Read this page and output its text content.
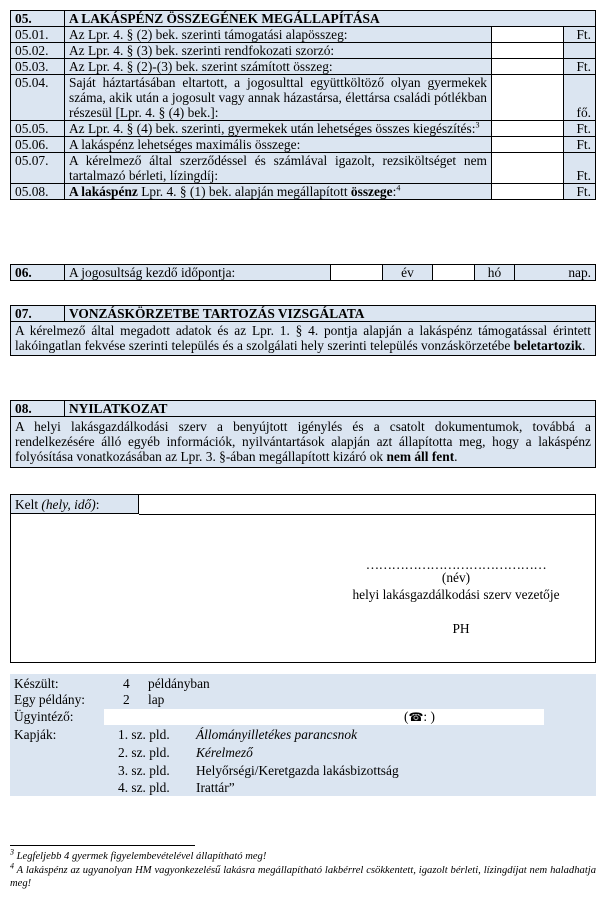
05.	A LAKÁSPÉNZ ÖSSZEGÉNEK MEGÁLLAPÍTÁSA		
05.01.	Az Lpr. 4. § (2) bek. szerinti támogatási alapösszeg:		Ft.
05.02.	Az Lpr. 4. § (3) bek. szerinti rendfokozati szorzó:		
05.03.	Az Lpr. 4. § (2)-(3) bek. szerint számított összeg:		Ft.
05.04.	Saját háztartásában eltartott, a jogosulttal együttköltöző olyan gyermekek száma, akik után a jogosult vagy annak házastársa, élettársa családi pótlékban részesül [Lpr. 4. § (4) bek.]:		fő.
05.05.	Az Lpr. 4. § (4) bek. szerinti, gyermekek után lehetséges összes kiegészítés:$^3$		Ft.
05.06.	A lakáspénz lehetséges maximális összege:		Ft.
05.07.	A kérelmező által szerződéssel és számlával igazolt, rezsiköltséget nem tartalmazó bérleti, lízingdíj:		Ft.
05.08.	A lakáspénz Lpr. 4. § (1) bek. alapján megállapított összege:$^4$		Ft.
06.	A jogosultság kezdő időpontja:		év		hó	nap.
07.	VONZÁSKÖRZETBE TARTOZÁS VIZSGÁLATA
A kérelmező által megadott adatok és az Lpr. 1. § 4. pontja alapján a lakáspénz támogatással érintett lakóingatlan fekvése szerinti település és a szolgálati hely szerinti település vonzáskörzetébe beletartozik.
08.	NYILATKOZAT
A helyi lakásgazdálkodási szerv a benyújtott igénylés és a csatolt dokumentumok, továbbá a rendelkezésére álló egyéb információk, nyilvántartások alapján azt állapította meg, hogy a lakáspénz folyósítása vonatkozásában az Lpr. 3. §-ában megállapított kizáró ok nem áll fent.
Kelt (hely, idő):
……………………………………
(név)
helyi lakásgazdálkodási szerv vezetője
PH
Készült:	4 példányban
Egy példány:	2 lap
Ügyintéző:	(☎: )
Kapják:	1. sz. pld. Állományilletékes parancsnok
2. sz. pld. Kérelmező
3. sz. pld. Helyőrségi/Keretgazda lakásbizottság
4. sz. pld. Irattár”
$^3$ Legfeljebb 4 gyermek figyelembevételével állapítható meg!
$^4$ A lakáspénz az ugyanolyan HM vagyonkezelésű lakásra megállapítható lakbérrel csökkentett, igazolt bérleti, lízingdíjat nem haladhatja meg!
